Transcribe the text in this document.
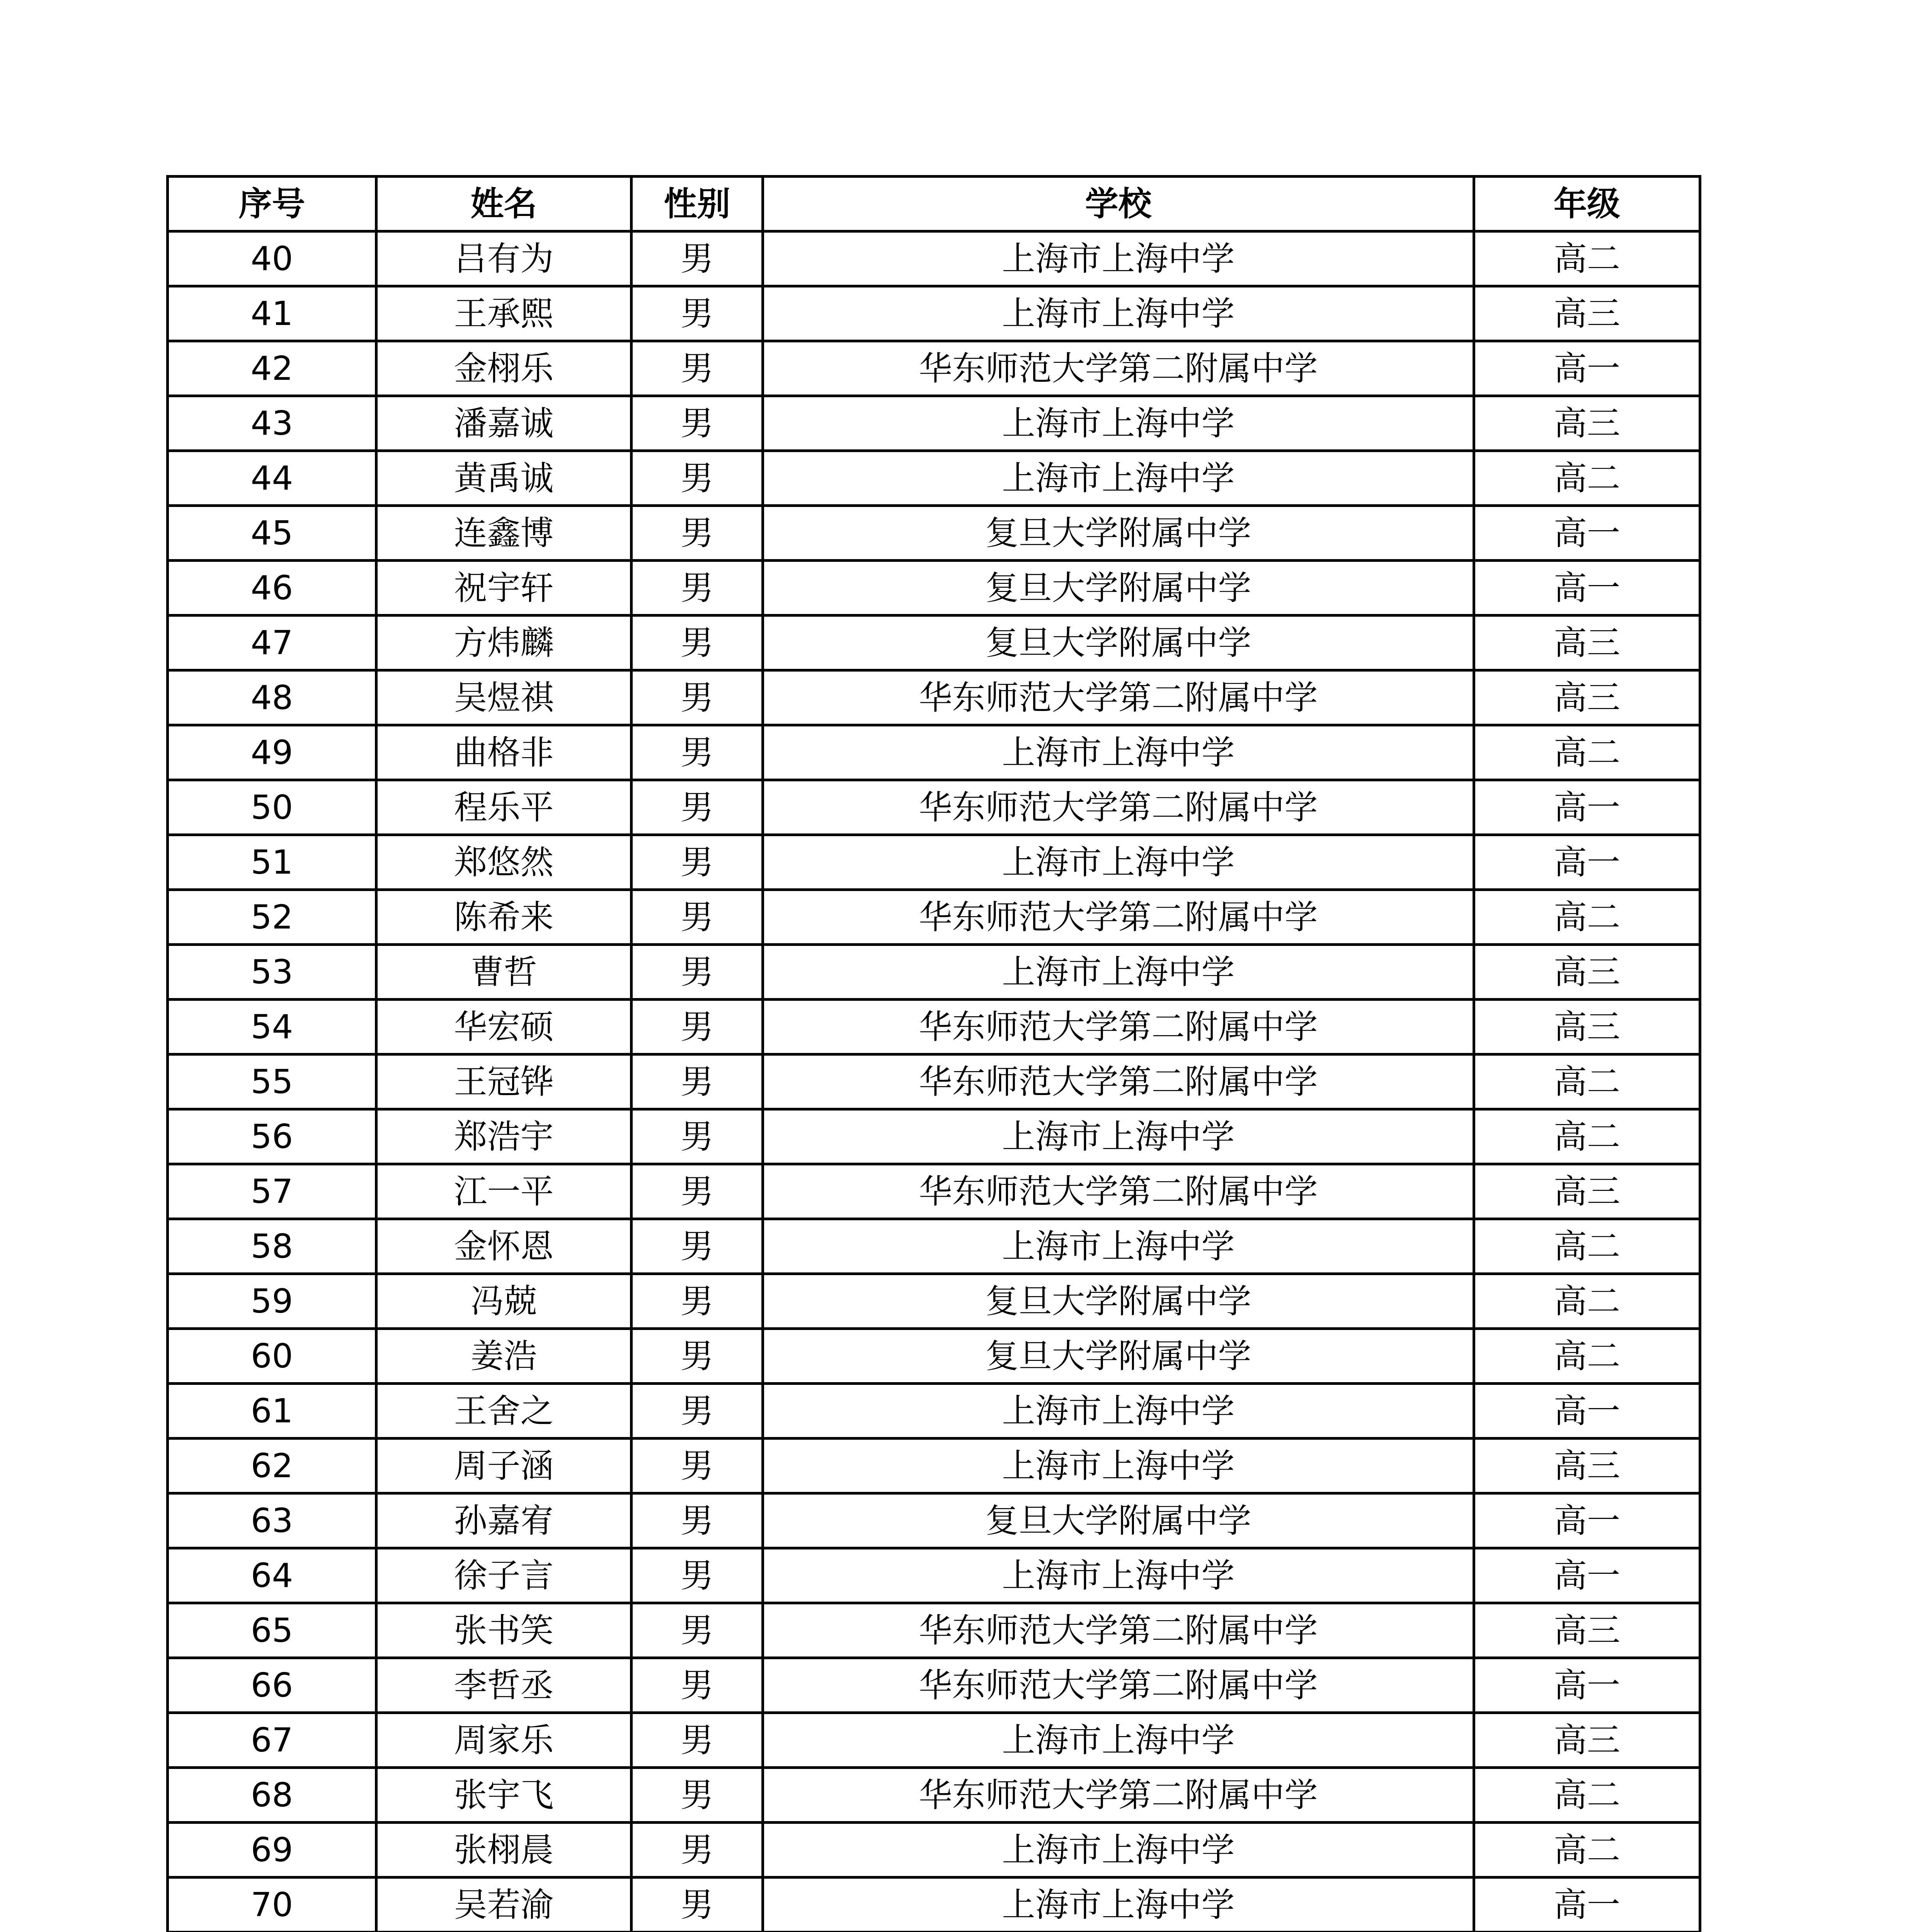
序号	姓名	性别	学校	年级
40	吕有为	男	上海市上海中学	高二
41	王承熙	男	上海市上海中学	高三
42	金栩乐	男	华东师范大学第二附属中学	高一
43	潘嘉诚	男	上海市上海中学	高三
44	黄禹诚	男	上海市上海中学	高二
45	连鑫博	男	复旦大学附属中学	高一
46	祝宇轩	男	复旦大学附属中学	高一
47	方炜麟	男	复旦大学附属中学	高三
48	吴煜祺	男	华东师范大学第二附属中学	高三
49	曲格非	男	上海市上海中学	高二
50	程乐平	男	华东师范大学第二附属中学	高一
51	郑悠然	男	上海市上海中学	高一
52	陈希来	男	华东师范大学第二附属中学	高二
53	曹哲	男	上海市上海中学	高三
54	华宏硕	男	华东师范大学第二附属中学	高三
55	王冠铧	男	华东师范大学第二附属中学	高二
56	郑浩宇	男	上海市上海中学	高二
57	江一平	男	华东师范大学第二附属中学	高三
58	金怀恩	男	上海市上海中学	高二
59	冯兢	男	复旦大学附属中学	高二
60	姜浩	男	复旦大学附属中学	高二
61	王舍之	男	上海市上海中学	高一
62	周子涵	男	上海市上海中学	高三
63	孙嘉宥	男	复旦大学附属中学	高一
64	徐子言	男	上海市上海中学	高一
65	张书笑	男	华东师范大学第二附属中学	高三
66	李哲丞	男	华东师范大学第二附属中学	高一
67	周家乐	男	上海市上海中学	高三
68	张宇飞	男	华东师范大学第二附属中学	高二
69	张栩晨	男	上海市上海中学	高二
70	吴若渝	男	上海市上海中学	高一
